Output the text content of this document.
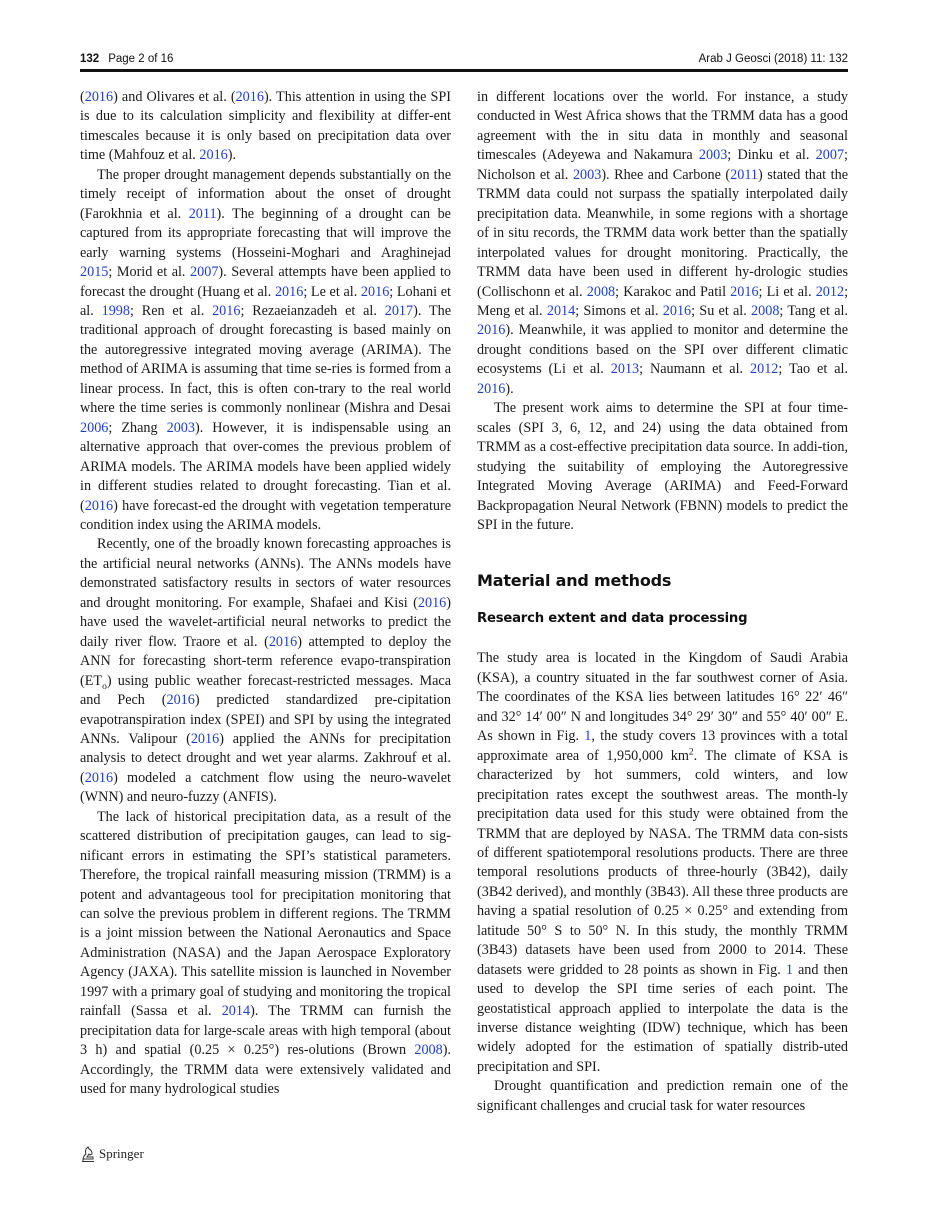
132 Page 2 of 16	Arab J Geosci (2018) 11: 132

(2016) and Olivares et al. (2016). This attention in using the SPI is due to its calculation simplicity and flexibility at differ-ent timescales because it is only based on precipitation data over time (Mahfouz et al. 2016).

The proper drought management depends substantially on the timely receipt of information about the onset of drought (Farokhnia et al. 2011). The beginning of a drought can be captured from its appropriate forecasting that will improve the early warning systems (Hosseini-Moghari and Araghinejad 2015; Morid et al. 2007). Several attempts have been applied to forecast the drought (Huang et al. 2016; Le et al. 2016; Lohani et al. 1998; Ren et al. 2016; Rezaeianzadeh et al. 2017). The traditional approach of drought forecasting is based mainly on the autoregressive integrated moving average (ARIMA). The method of ARIMA is assuming that time se-ries is formed from a linear process. In fact, this is often con-trary to the real world where the time series is commonly nonlinear (Mishra and Desai 2006; Zhang 2003). However, it is indispensable using an alternative approach that over-comes the previous problem of ARIMA models. The ARIMA models have been applied widely in different studies related to drought forecasting. Tian et al. (2016) have forecast-ed the drought with vegetation temperature condition index using the ARIMA models.

Recently, one of the broadly known forecasting approaches is the artificial neural networks (ANNs). The ANNs models have demonstrated satisfactory results in sectors of water resources and drought monitoring. For example, Shafaei and Kisi (2016) have used the wavelet-artificial neural networks to predict the daily river flow. Traore et al. (2016) attempted to deploy the ANN for forecasting short-term reference evapo-transpiration $(ET_o)$ using public weather forecast-restricted messages. Maca and Pech (2016) predicted standardized pre-cipitation evapotranspiration index (SPEI) and SPI by using the integrated ANNs. Valipour (2016) applied the ANNs for precipitation analysis to detect drought and wet year alarms. Zakhrouf et al. (2016) modeled a catchment flow using the neuro-wavelet (WNN) and neuro-fuzzy (ANFIS).

The lack of historical precipitation data, as a result of the scattered distribution of precipitation gauges, can lead to sig-nificant errors in estimating the SPI’s statistical parameters. Therefore, the tropical rainfall measuring mission (TRMM) is a potent and advantageous tool for precipitation monitoring that can solve the previous problem in different regions. The TRMM is a joint mission between the National Aeronautics and Space Administration (NASA) and the Japan Aerospace Exploratory Agency (JAXA). This satellite mission is launched in November 1997 with a primary goal of studying and monitoring the tropical rainfall (Sassa et al. 2014). The TRMM can furnish the precipitation data for large-scale areas with high temporal (about 3 h) and spatial (0.25 × 0.25°) res-olutions (Brown 2008). Accordingly, the TRMM data were extensively validated and used for many hydrological studies

in different locations over the world. For instance, a study conducted in West Africa shows that the TRMM data has a good agreement with the in situ data in monthly and seasonal timescales (Adeyewa and Nakamura 2003; Dinku et al. 2007; Nicholson et al. 2003). Rhee and Carbone (2011) stated that the TRMM data could not surpass the spatially interpolated daily precipitation data. Meanwhile, in some regions with a shortage of in situ records, the TRMM data work better than the spatially interpolated values for drought monitoring. Practically, the TRMM data have been used in different hy-drologic studies (Collischonn et al. 2008; Karakoc and Patil 2016; Li et al. 2012; Meng et al. 2014; Simons et al. 2016; Su et al. 2008; Tang et al. 2016). Meanwhile, it was applied to monitor and determine the drought conditions based on the SPI over different climatic ecosystems (Li et al. 2013; Naumann et al. 2012; Tao et al. 2016).

The present work aims to determine the SPI at four time-scales (SPI 3, 6, 12, and 24) using the data obtained from TRMM as a cost-effective precipitation data source. In addi-tion, studying the suitability of employing the Autoregressive Integrated Moving Average (ARIMA) and Feed-Forward Backpropagation Neural Network (FBNN) models to predict the SPI in the future.

Material and methods
Research extent and data processing

The study area is located in the Kingdom of Saudi Arabia (KSA), a country situated in the far southwest corner of Asia. The coordinates of the KSA lies between latitudes 16° 22′ 46″ and 32° 14′ 00″ N and longitudes 34° 29′ 30″ and 55° 40′ 00″ E. As shown in Fig. 1, the study covers 13 provinces with a total approximate area of 1,950,000 $km^2$. The climate of KSA is characterized by hot summers, cold winters, and low precipitation rates except the southwest areas. The month-ly precipitation data used for this study were obtained from the TRMM that are deployed by NASA. The TRMM data con-sists of different spatiotemporal resolutions products. There are three temporal resolutions products of three-hourly (3B42), daily (3B42 derived), and monthly (3B43). All these three products are having a spatial resolution of 0.25 × 0.25° and extending from latitude 50° S to 50° N. In this study, the monthly TRMM (3B43) datasets have been used from 2000 to 2014. These datasets were gridded to 28 points as shown in Fig. 1 and then used to develop the SPI time series of each point. The geostatistical approach applied to interpolate the data is the inverse distance weighting (IDW) technique, which has been widely adopted for the estimation of spatially distrib-uted precipitation and SPI.

Drought quantification and prediction remain one of the significant challenges and crucial task for water resources

Springer
